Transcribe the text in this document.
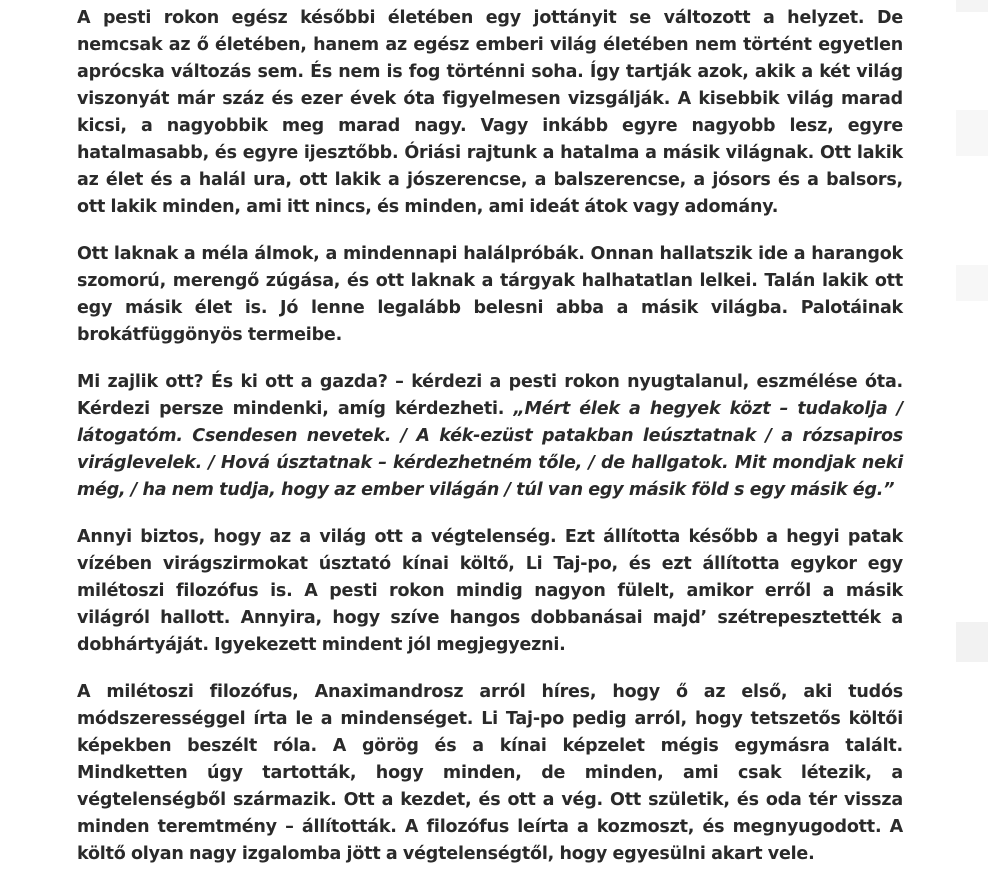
A pesti rokon egész későbbi életében egy jottányit se változott a helyzet. De nemcsak az ő életében, hanem az egész emberi világ életében nem történt egyetlen aprócska változás sem. És nem is fog történni soha. Így tartják azok, akik a két világ viszonyát már száz és ezer évek óta figyelmesen vizsgálják. A kisebbik világ marad kicsi, a nagyobbik meg marad nagy. Vagy inkább egyre nagyobb lesz, egyre hatalmasabb, és egyre ijesztőbb. Óriási rajtunk a hatalma a másik világnak. Ott lakik az élet és a halál ura, ott lakik a jószerencse, a balszerencse, a jósors és a balsors, ott lakik minden, ami itt nincs, és minden, ami ideát átok vagy adomány.

Ott laknak a méla álmok, a mindennapi halálpróbák. Onnan hallatszik ide a harangok szomorú, merengő zúgása, és ott laknak a tárgyak halhatatlan lelkei. Talán lakik ott egy másik élet is. Jó lenne legalább belesni abba a másik világba. Palotáinak brokátfüggönyös termeibe.

Mi zajlik ott? És ki ott a gazda? – kérdezi a pesti rokon nyugtalanul, eszmélése óta. Kérdezi persze mindenki, amíg kérdezheti. „Mért élek a hegyek közt – tudakolja / látogatóm. Csendesen nevetek. / A kék-ezüst patakban leúsztatnak / a rózsapiros viráglevelek. / Hová úsztatnak – kérdezhetném tőle, / de hallgatok. Mit mondjak neki még, / ha nem tudja, hogy az ember világán / túl van egy másik föld s egy másik ég.”

Annyi biztos, hogy az a világ ott a végtelenség. Ezt állította később a hegyi patak vízében virágszirmokat úsztató kínai költő, Li Taj-po, és ezt állította egykor egy milétoszi filozófus is. A pesti rokon mindig nagyon fülelt, amikor erről a másik világról hallott. Annyira, hogy szíve hangos dobbanásai majd’ szétrepesztették a dobhártyáját. Igyekezett mindent jól megjegyezni.

A milétoszi filozófus, Anaximandrosz arról híres, hogy ő az első, aki tudós módszerességgel írta le a mindenséget. Li Taj-po pedig arról, hogy tetszetős költői képekben beszélt róla. A görög és a kínai képzelet mégis egymásra talált. Mindketten úgy tartották, hogy minden, de minden, ami csak létezik, a végtelenségből származik. Ott a kezdet, és ott a vég. Ott születik, és oda tér vissza minden teremtmény – állították. A filozófus leírta a kozmoszt, és megnyugodott. A költő olyan nagy izgalomba jött a végtelenségtől, hogy egyesülni akart vele.
